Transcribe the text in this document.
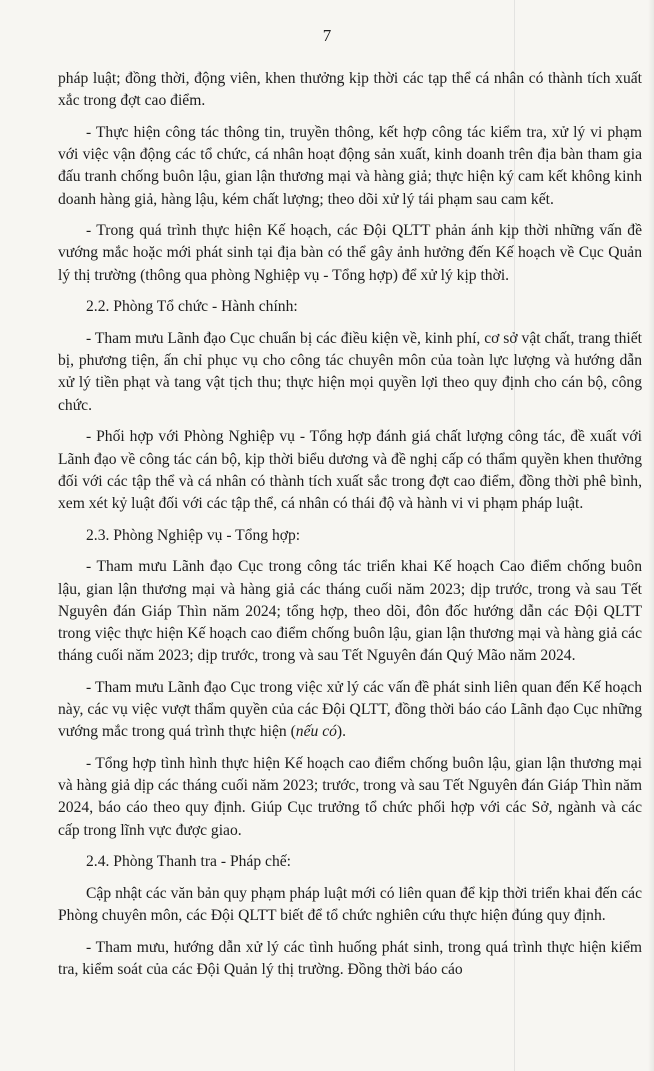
7

pháp luật; đồng thời, động viên, khen thưởng kịp thời các tạp thể cá nhân có thành tích xuất xắc trong đợt cao điểm.

- Thực hiện công tác thông tin, truyền thông, kết hợp công tác kiểm tra, xử lý vi phạm với việc vận động các tổ chức, cá nhân hoạt động sản xuất, kinh doanh trên địa bàn tham gia đấu tranh chống buôn lậu, gian lận thương mại và hàng giả; thực hiện ký cam kết không kinh doanh hàng giả, hàng lậu, kém chất lượng; theo dõi xử lý tái phạm sau cam kết.

- Trong quá trình thực hiện Kế hoạch, các Đội QLTT phản ánh kịp thời những vấn đề vướng mắc hoặc mới phát sinh tại địa bàn có thể gây ảnh hưởng đến Kế hoạch về Cục Quản lý thị trường (thông qua phòng Nghiệp vụ - Tổng hợp) để xử lý kịp thời.

2.2. Phòng Tổ chức - Hành chính:

- Tham mưu Lãnh đạo Cục chuẩn bị các điều kiện về, kinh phí, cơ sở vật chất, trang thiết bị, phương tiện, ấn chỉ phục vụ cho công tác chuyên môn của toàn lực lượng và hướng dẫn xử lý tiền phạt và tang vật tịch thu; thực hiện mọi quyền lợi theo quy định cho cán bộ, công chức.

- Phối hợp với Phòng Nghiệp vụ - Tổng hợp đánh giá chất lượng công tác, đề xuất với Lãnh đạo về công tác cán bộ, kịp thời biểu dương và đề nghị cấp có thẩm quyền khen thưởng đối với các tập thể và cá nhân có thành tích xuất sắc trong đợt cao điểm, đồng thời phê bình, xem xét kỷ luật đối với các tập thể, cá nhân có thái độ và hành vi vi phạm pháp luật.

2.3. Phòng Nghiệp vụ - Tổng hợp:

- Tham mưu Lãnh đạo Cục trong công tác triển khai Kế hoạch Cao điểm chống buôn lậu, gian lận thương mại và hàng giả các tháng cuối năm 2023; dịp trước, trong và sau Tết Nguyên đán Giáp Thìn năm 2024; tổng hợp, theo dõi, đôn đốc hướng dẫn các Đội QLTT trong việc thực hiện Kế hoạch cao điểm chống buôn lậu, gian lận thương mại và hàng giả các tháng cuối năm 2023; dịp trước, trong và sau Tết Nguyên đán Quý Mão năm 2024.

- Tham mưu Lãnh đạo Cục trong việc xử lý các vấn đề phát sinh liên quan đến Kế hoạch này, các vụ việc vượt thẩm quyền của các Đội QLTT, đồng thời báo cáo Lãnh đạo Cục những vướng mắc trong quá trình thực hiện (nếu có).

- Tổng hợp tình hình thực hiện Kế hoạch cao điểm chống buôn lậu, gian lận thương mại và hàng giả dịp các tháng cuối năm 2023; trước, trong và sau Tết Nguyên đán Giáp Thìn năm 2024, báo cáo theo quy định. Giúp Cục trưởng tổ chức phối hợp với các Sở, ngành và các cấp trong lĩnh vực được giao.

2.4. Phòng Thanh tra - Pháp chế:

Cập nhật các văn bản quy phạm pháp luật mới có liên quan để kịp thời triển khai đến các Phòng chuyên môn, các Đội QLTT biết để tổ chức nghiên cứu thực hiện đúng quy định.

- Tham mưu, hướng dẫn xử lý các tình huống phát sinh, trong quá trình thực hiện kiểm tra, kiểm soát của các Đội Quản lý thị trường. Đồng thời báo cáo
